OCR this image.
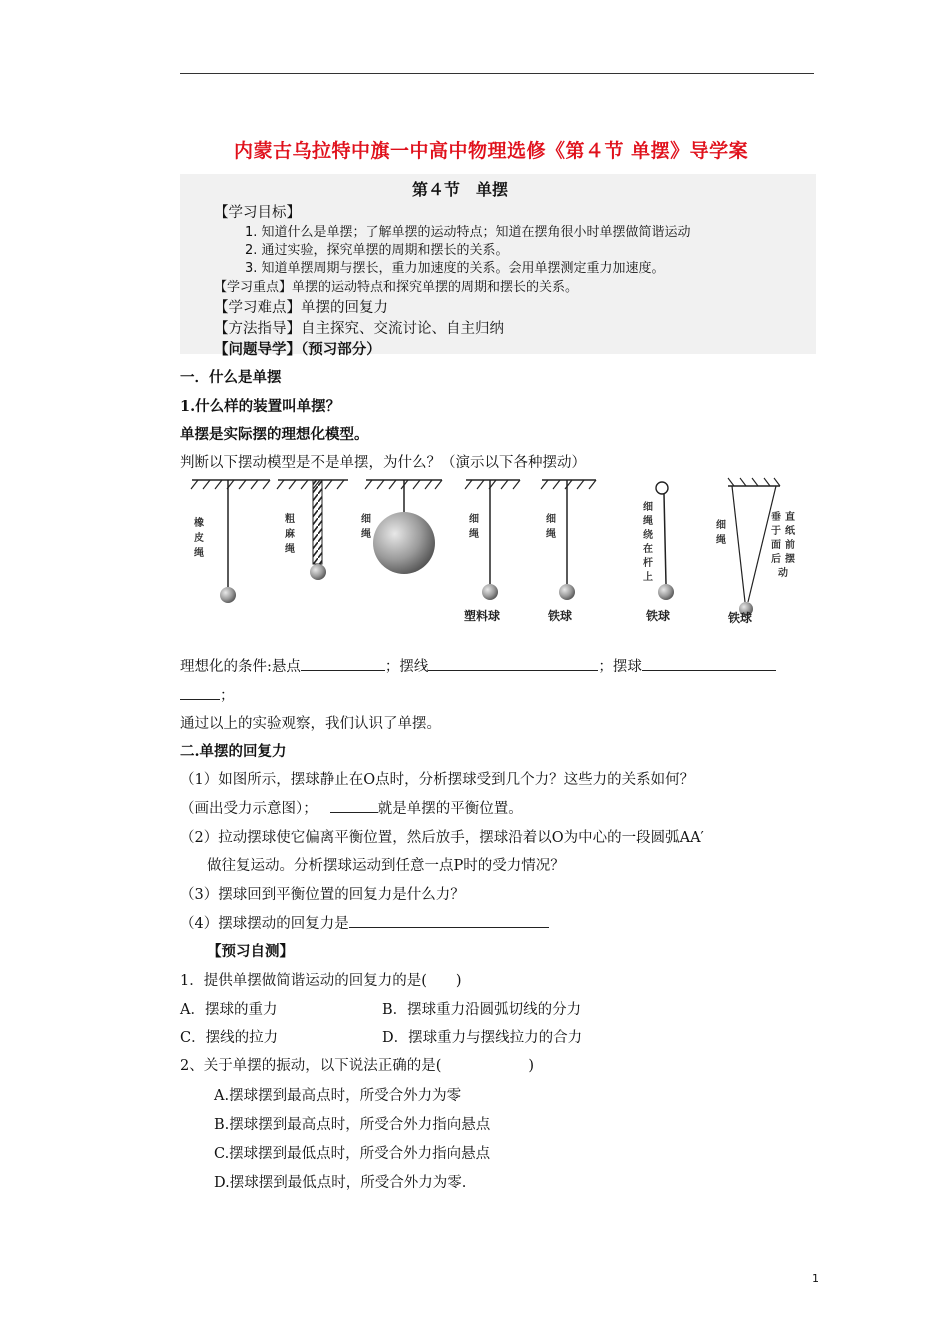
内蒙古乌拉特中旗一中高中物理选修《第４节 单摆》导学案
第４节　单摆
【学习目标】
1. 知道什么是单摆；了解单摆的运动特点；知道在摆角很小时单摆做简谐运动
2. 通过实验，探究单摆的周期和摆长的关系。
3. 知道单摆周期与摆长，重力加速度的关系。会用单摆测定重力加速度。
【学习重点】单摆的运动特点和探究单摆的周期和摆长的关系。
【学习难点】单摆的回复力
【方法指导】自主探究、交流讨论、自主归纳
【问题导学】（预习部分）
一．什么是单摆
1.什么样的装置叫单摆？
单摆是实际摆的理想化模型。
判断以下摆动模型是不是单摆，为什么？（演示以下各种摆动）
橡 皮 绳
粗 麻 绳
细 绳
细 绳
塑料球
细 绳
铁球
细 绳 绕 在 杆 上
铁球
细 绳
铁球
垂 直
于 纸
面 前
后 摆
动
理想化的条件:悬点	；摆线	；摆球
；
通过以上的实验观察，我们认识了单摆。
二.单摆的回复力
（1）如图所示，摆球静止在O点时，分析摆球受到几个力？这些力的关系如何？
（画出受力示意图）；	就是单摆的平衡位置。
（2）拉动摆球使它偏离平衡位置，然后放手，摆球沿着以O为中心的一段圆弧AA′
做往复运动。分析摆球运动到任意一点P时的受力情况？
（3）摆球回到平衡位置的回复力是什么力？
（4）摆球摆动的回复力是
【预习自测】
1．提供单摆做简谐运动的回复力的是(　　)
A．摆球的重力	B．摆球重力沿圆弧切线的分力
C．摆线的拉力	D．摆球重力与摆线拉力的合力
2、关于单摆的振动，以下说法正确的是(　　　　　　)
A.摆球摆到最高点时，所受合外力为零
B.摆球摆到最高点时，所受合外力指向悬点
C.摆球摆到最低点时，所受合外力指向悬点
D.摆球摆到最低点时，所受合外力为零.
1
